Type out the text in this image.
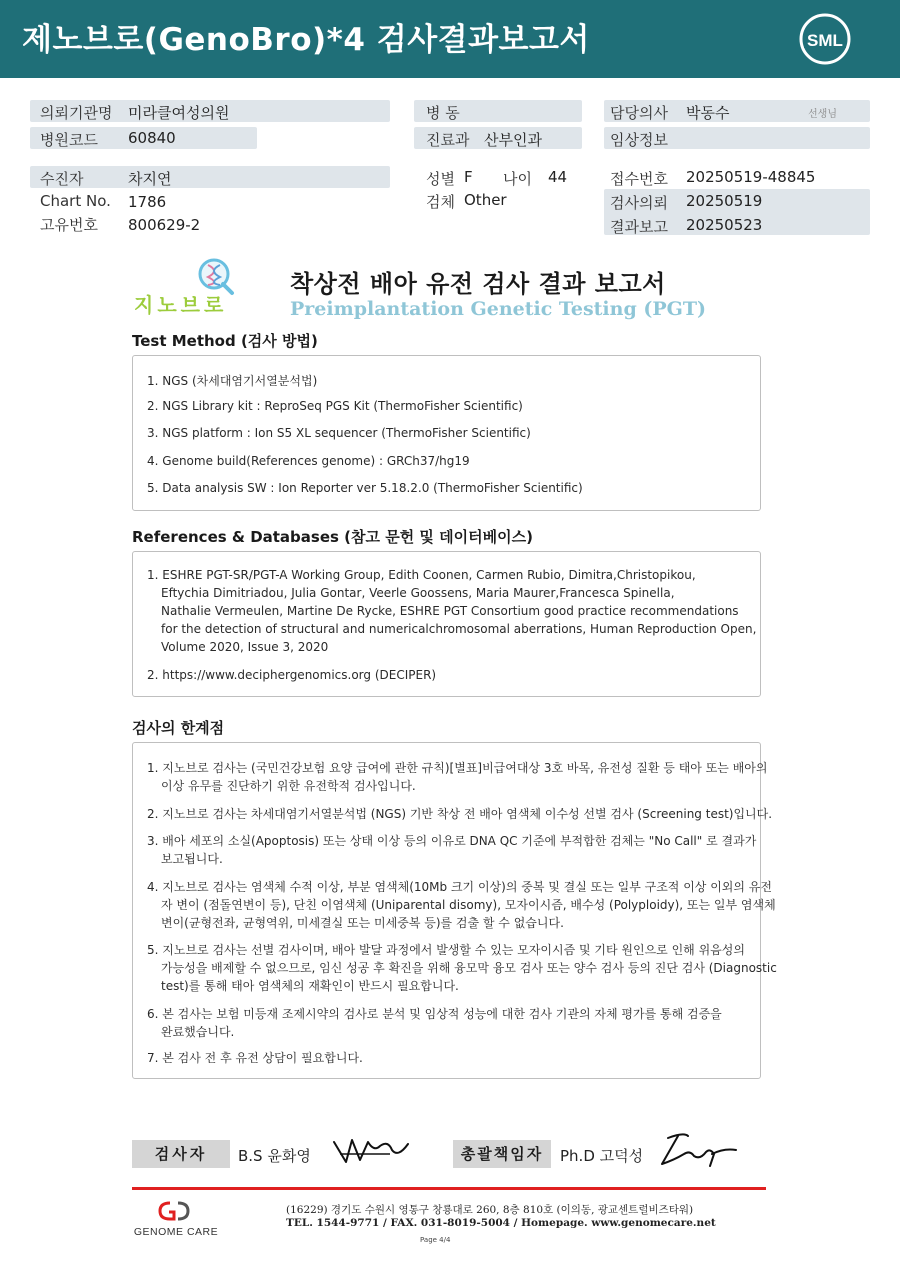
제노브로(GenoBro)*4 검사결과보고서	SML
의뢰기관명 미라클여성의원
병원코드 60840
병 동
진료과 산부인과
담당의사 박동수	선생님
임상정보
수진자	차지연
Chart No. 1786
고유번호 800629-2
성별 F 나이 44
검체 Other
접수번호 20250519-48845
검사의뢰 20250519
결과보고 20250523
지노브로
착상전 배아 유전 검사 결과 보고서
Preimplantation Genetic Testing (PGT)
Test Method (검사 방법)
1. NGS (차세대염기서열분석법)
2. NGS Library kit : ReproSeq PGS Kit (ThermoFisher Scientific)
3. NGS platform : Ion S5 XL sequencer (ThermoFisher Scientific)
4. Genome build(References genome) : GRCh37/hg19
5. Data analysis SW : Ion Reporter ver 5.18.2.0 (ThermoFisher Scientific)
References & Databases (참고 문헌 및 데이터베이스)
1. ESHRE PGT-SR/PGT-A Working Group, Edith Coonen, Carmen Rubio, Dimitra,Christopikou,
Eftychia Dimitriadou, Julia Gontar, Veerle Goossens, Maria Maurer,Francesca Spinella,
Nathalie Vermeulen, Martine De Rycke, ESHRE PGT Consortium good practice recommendations
for the detection of structural and numericalchromosomal aberrations, Human Reproduction Open,
Volume 2020, Issue 3, 2020
2. https://www.deciphergenomics.org (DECIPER)
검사의 한계점
1. 지노브로 검사는 (국민건강보험 요양 급여에 관한 규칙)[별표]비급여대상 3호 바목, 유전성 질환 등 태아 또는 배아의
이상 유무를 진단하기 위한 유전학적 검사입니다.
2. 지노브로 검사는 차세대염기서열분석법 (NGS) 기반 착상 전 배아 염색체 이수성 선별 검사 (Screening test)입니다.
3. 배아 세포의 소실(Apoptosis) 또는 상태 이상 등의 이유로 DNA QC 기준에 부적합한 검체는 "No Call" 로 결과가
보고됩니다.
4. 지노브로 검사는 염색체 수적 이상, 부분 염색체(10Mb 크기 이상)의 중복 및 결실 또는 일부 구조적 이상 이외의 유전
자 변이 (점돌연변이 등), 단친 이염색체 (Uniparental disomy), 모자이시즘, 배수성 (Polyploidy), 또는 일부 염색체
변이(균형전좌, 균형역위, 미세결실 또는 미세중복 등)를 검출 할 수 없습니다.
5. 지노브로 검사는 선별 검사이며, 배아 발달 과정에서 발생할 수 있는 모자이시즘 및 기타 원인으로 인해 위음성의
가능성을 배제할 수 없으므로, 임신 성공 후 확진을 위해 융모막 융모 검사 또는 양수 검사 등의 진단 검사 (Diagnostic
test)를 통해 태아 염색체의 재확인이 반드시 필요합니다.
6. 본 검사는 보험 미등재 조제시약의 검사로 분석 및 임상적 성능에 대한 검사 기관의 자체 평가를 통해 검증을
완료했습니다.
7. 본 검사 전 후 유전 상담이 필요합니다.
검사자	B.S 윤화영	총괄책임자	Ph.D 고덕성
GENOME CARE
(16229) 경기도 수원시 영통구 창룡대로 260, 8층 810호 (이의동, 광교센트럴비즈타워)
TEL. 1544-9771 / FAX. 031-8019-5004 / Homepage. www.genomecare.net
Page 4/4
